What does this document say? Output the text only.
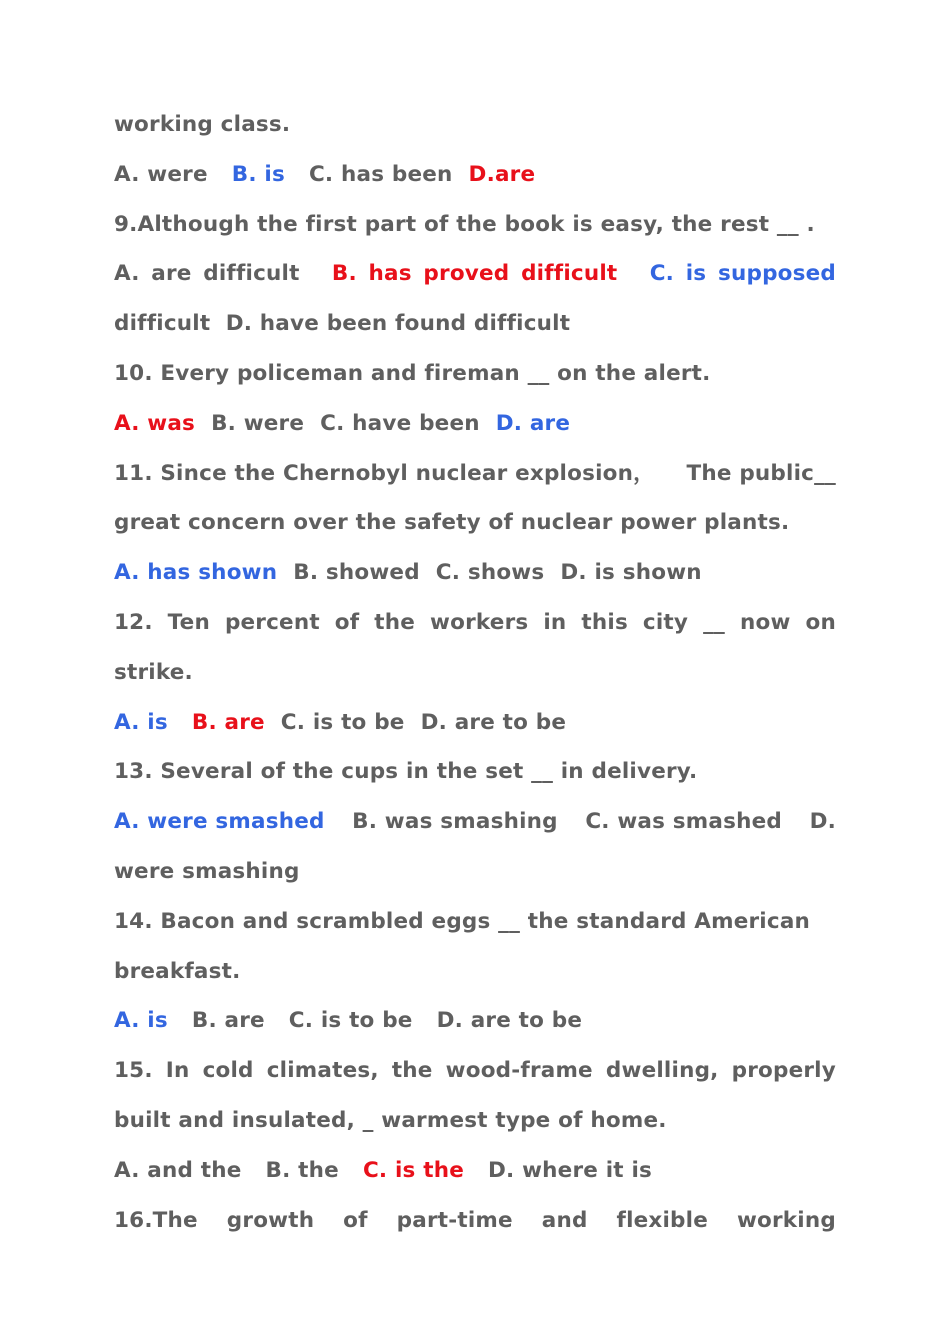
working class.
A. were B. is C. has been D.are
9.Although the first part of the book is easy, the rest __ .
A. are difficult B. has proved difficult C. is supposed
difficult  D. have been found difficult
10. Every policeman and fireman __ on the alert.
A. was B. were C. have been D. are
11. Since the Chernobyl nuclear explosion， The public__
great concern over the safety of nuclear power plants.
A. has shown B. showed C. shows D. is shown
12. Ten percent of the workers in this city __ now on
strike.
A. is B. are C. is to be D. are to be
13. Several of the cups in the set __ in delivery.
A. were smashed B. was smashing C. was smashed D.
were smashing
14. Bacon and scrambled eggs __ the standard American
breakfast.
A. is B. are C. is to be D. are to be
15. In cold climates, the wood-frame dwelling, properly
built and insulated, _ warmest type of home.
A. and the B. the C. is the D. where it is
16.The growth of part-time and flexible working
